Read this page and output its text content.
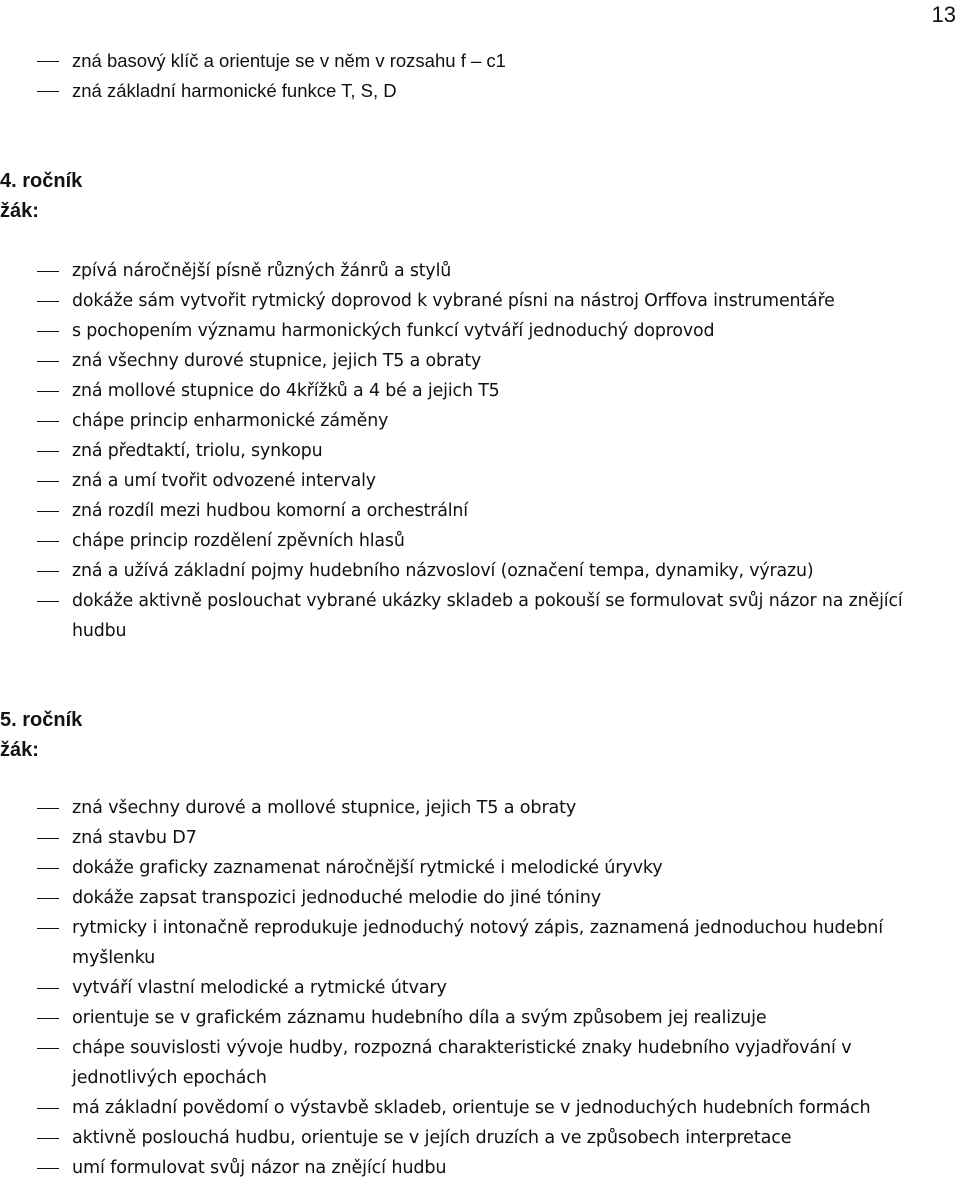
13
zná basový klíč a orientuje se v něm v rozsahu f – c1
zná základní harmonické funkce T, S, D
4. ročník
žák:
zpívá náročnější písně různých žánrů a stylů
dokáže sám vytvořit rytmický doprovod k vybrané písni na nástroj Orffova instrumentáře
s pochopením významu harmonických funkcí vytváří jednoduchý doprovod
zná všechny durové stupnice, jejich T5 a obraty
zná mollové stupnice do 4křížků a 4 bé a jejich T5
chápe princip enharmonické záměny
zná předtaktí, triolu, synkopu
zná a umí tvořit odvozené intervaly
zná rozdíl mezi hudbou komorní a orchestrální
chápe princip rozdělení zpěvních hlasů
zná a užívá základní pojmy hudebního názvosloví (označení tempa, dynamiky, výrazu)
dokáže aktivně poslouchat vybrané ukázky skladeb a pokouší se formulovat svůj názor na znějící hudbu
5. ročník
žák:
zná všechny durové a mollové stupnice, jejich T5 a obraty
zná stavbu D7
dokáže graficky zaznamenat náročnější rytmické i melodické úryvky
dokáže zapsat transpozici jednoduché melodie do jiné tóniny
rytmicky i intonačně reprodukuje jednoduchý notový zápis, zaznamená jednoduchou hudební myšlenku
vytváří vlastní melodické a rytmické útvary
orientuje se v grafickém záznamu hudebního díla a svým způsobem jej realizuje
chápe souvislosti vývoje hudby, rozpozná charakteristické znaky hudebního vyjadřování v jednotlivých epochách
má základní povědomí o výstavbě skladeb, orientuje se v jednoduchých hudebních formách
aktivně poslouchá hudbu, orientuje se v jejích druzích a ve způsobech interpretace
umí formulovat svůj názor na znějící hudbu
